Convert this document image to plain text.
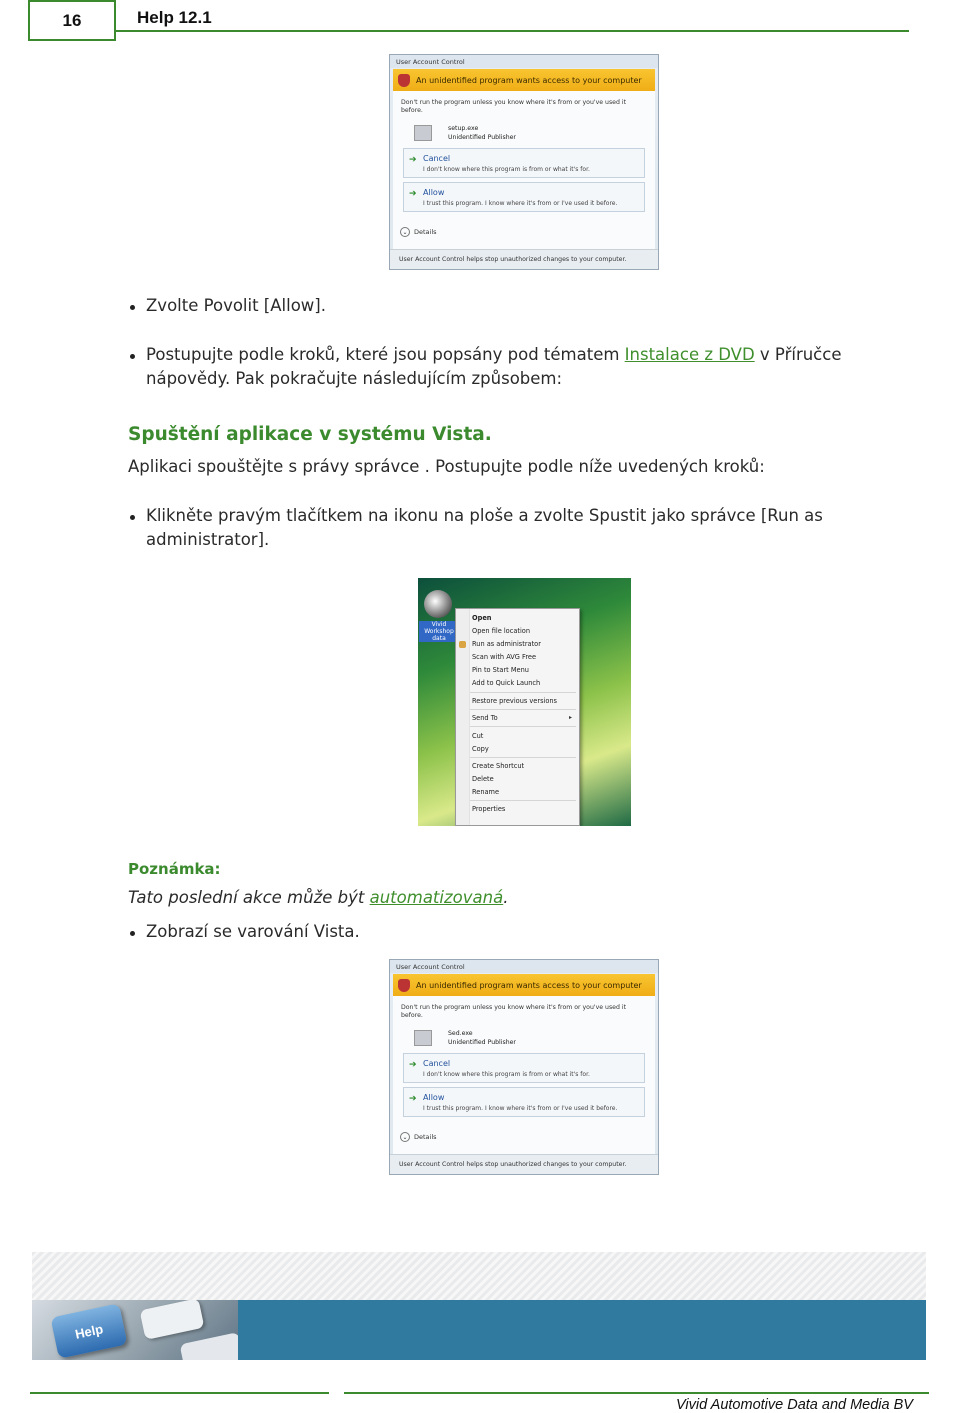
16	Help 12.1
User Account Control
An unidentified program wants access to your computer
Don't run the program unless you know where it's from or you've used it before.
setup.exe
Unidentified Publisher
➔ Cancel
I don't know where this program is from or what it's for.
➔ Allow
I trust this program. I know where it's from or I've used it before.
⌄ Details
User Account Control helps stop unauthorized changes to your computer.
Zvolte Povolit [Allow].
Postupujte podle kroků, které jsou popsány pod tématem Instalace z DVD v Příručce
nápovědy. Pak pokračujte následujícím způsobem:
Spuštění aplikace v systému Vista.
Aplikaci spouštějte s právy správce . Postupujte podle níže uvedených kroků:
Klikněte pravým tlačítkem na ikonu na ploše a zvolte Spustit jako správce [Run as
administrator].
Vivid Workshop data
Open
Open file location
Run as administrator
Scan with AVG Free
Pin to Start Menu
Add to Quick Launch
Restore previous versions
Send To	▸
Cut
Copy
Create Shortcut
Delete
Rename
Properties
Poznámka:
Tato poslední akce může být automatizovaná.
Zobrazí se varování Vista.
User Account Control
An unidentified program wants access to your computer
Don't run the program unless you know where it's from or you've used it before.
Sed.exe
Unidentified Publisher
➔ Cancel
I don't know where this program is from or what it's for.
➔ Allow
I trust this program. I know where it's from or I've used it before.
⌄ Details
User Account Control helps stop unauthorized changes to your computer.
Help
Vivid Automotive Data and Media BV
